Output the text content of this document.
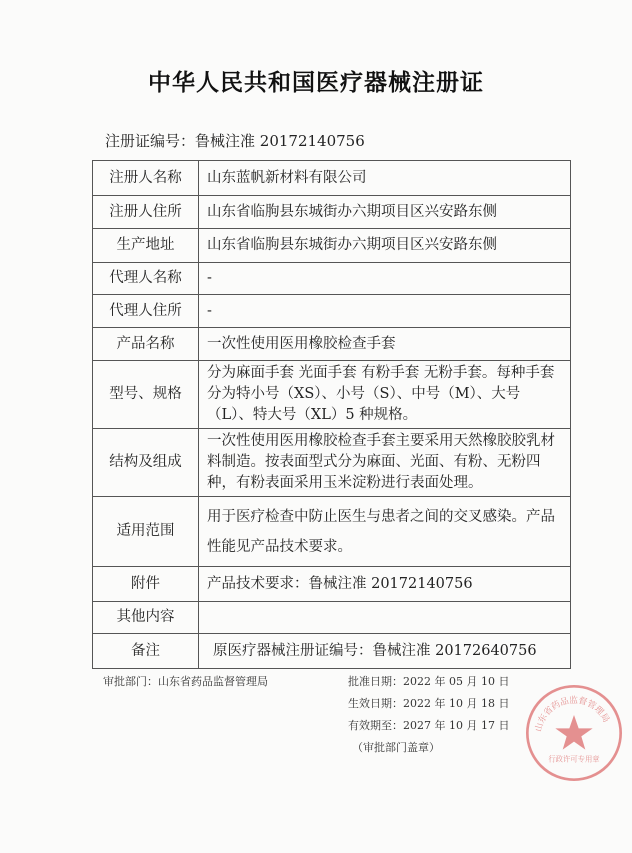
中华人民共和国医疗器械注册证
注册证编号：鲁械注准 20172140756
注册人名称	山东蓝帆新材料有限公司
注册人住所	山东省临朐县东城街办六期项目区兴安路东侧
生产地址	山东省临朐县东城街办六期项目区兴安路东侧
代理人名称	-
代理人住所	-
产品名称	一次性使用医用橡胶检查手套
型号、规格	分为麻面手套 光面手套 有粉手套 无粉手套。每种手套分为特小号（XS）、小号（S）、中号（M）、大号（L）、特大号（XL）5 种规格。
结构及组成	一次性使用医用橡胶检查手套主要采用天然橡胶胶乳材料制造。按表面型式分为麻面、光面、有粉、无粉四种，有粉表面采用玉米淀粉进行表面处理。
适用范围	用于医疗检查中防止医生与患者之间的交叉感染。产品性能见产品技术要求。
附件	产品技术要求：鲁械注准 20172140756
其他内容	
备注	原医疗器械注册证编号：鲁械注准 20172640756
审批部门：山东省药品监督管理局	批准日期：2022 年 05 月 10 日
生效日期：2022 年 10 月 18 日
有效期至：2027 年 10 月 17 日
（审批部门盖章）
山东省药品监督管理局
行政许可专用章
